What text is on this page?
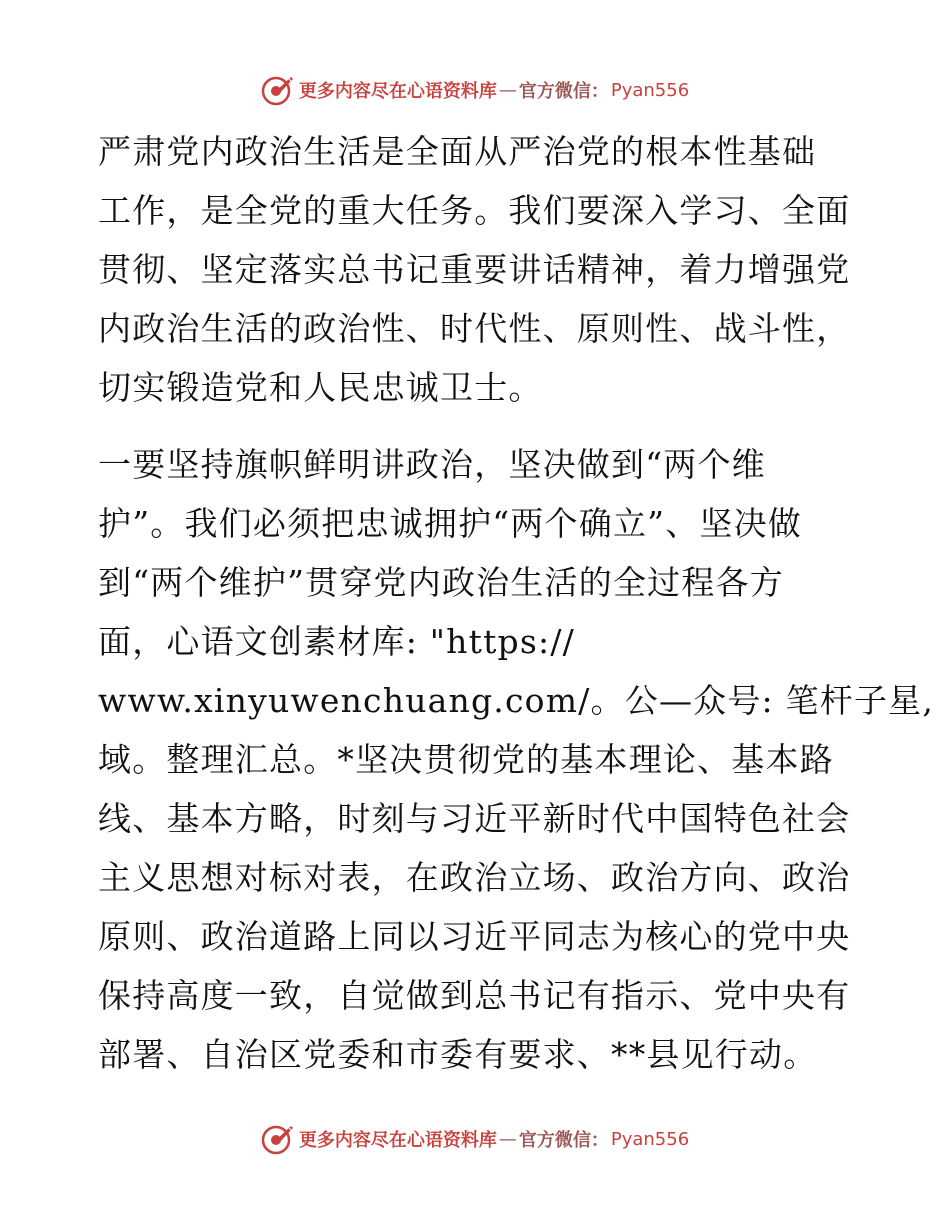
更多内容尽在心语资料库 — 官方微信： Pyan556
严肃党内政治生活是全面从严治党的根本性基础
工作，是全党的重大任务。我们要深入学习、全面
贯彻、坚定落实总书记重要讲话精神，着力增强党
内政治生活的政治性、时代性、原则性、战斗性，
切实锻造党和人民忠诚卫士。
一要坚持旗帜鲜明讲政治，坚决做到“两个维
护”。我们必须把忠诚拥护“两个确立”、坚决做
到“两个维护”贯穿党内政治生活的全过程各方
面，心语文创素材库: "https://
www.xinyuwenchuang.com/。公—众号: 笔杆子星,
域。整理汇总。*坚决贯彻党的基本理论、基本路
线、基本方略，时刻与习近平新时代中国特色社会
主义思想对标对表，在政治立场、政治方向、政治
原则、政治道路上同以习近平同志为核心的党中央
保持高度一致，自觉做到总书记有指示、党中央有
部署、自治区党委和市委有要求、**县见行动。
更多内容尽在心语资料库 — 官方微信： Pyan556
